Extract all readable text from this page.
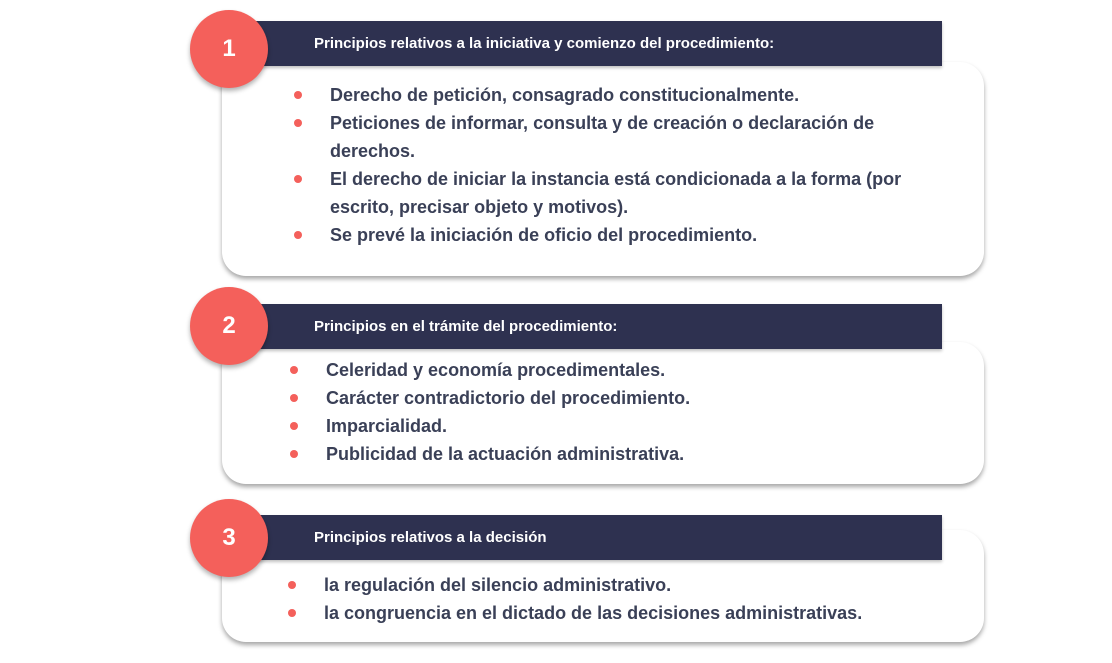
Derecho de petición, consagrado constitucionalmente.
Peticiones de informar, consulta y de creación o declaración de derechos.
El derecho de iniciar la instancia está condicionada a la forma (por escrito, precisar objeto y motivos).
Se prevé la iniciación de oficio del procedimiento.
Principios relativos a la iniciativa y comienzo del procedimiento:
1
Celeridad y economía procedimentales.
Carácter contradictorio del procedimiento.
Imparcialidad.
Publicidad de la actuación administrativa.
Principios en el trámite del procedimiento:
2
la regulación del silencio administrativo.
la congruencia en el dictado de las decisiones administrativas.
Principios relativos a la decisión
3
